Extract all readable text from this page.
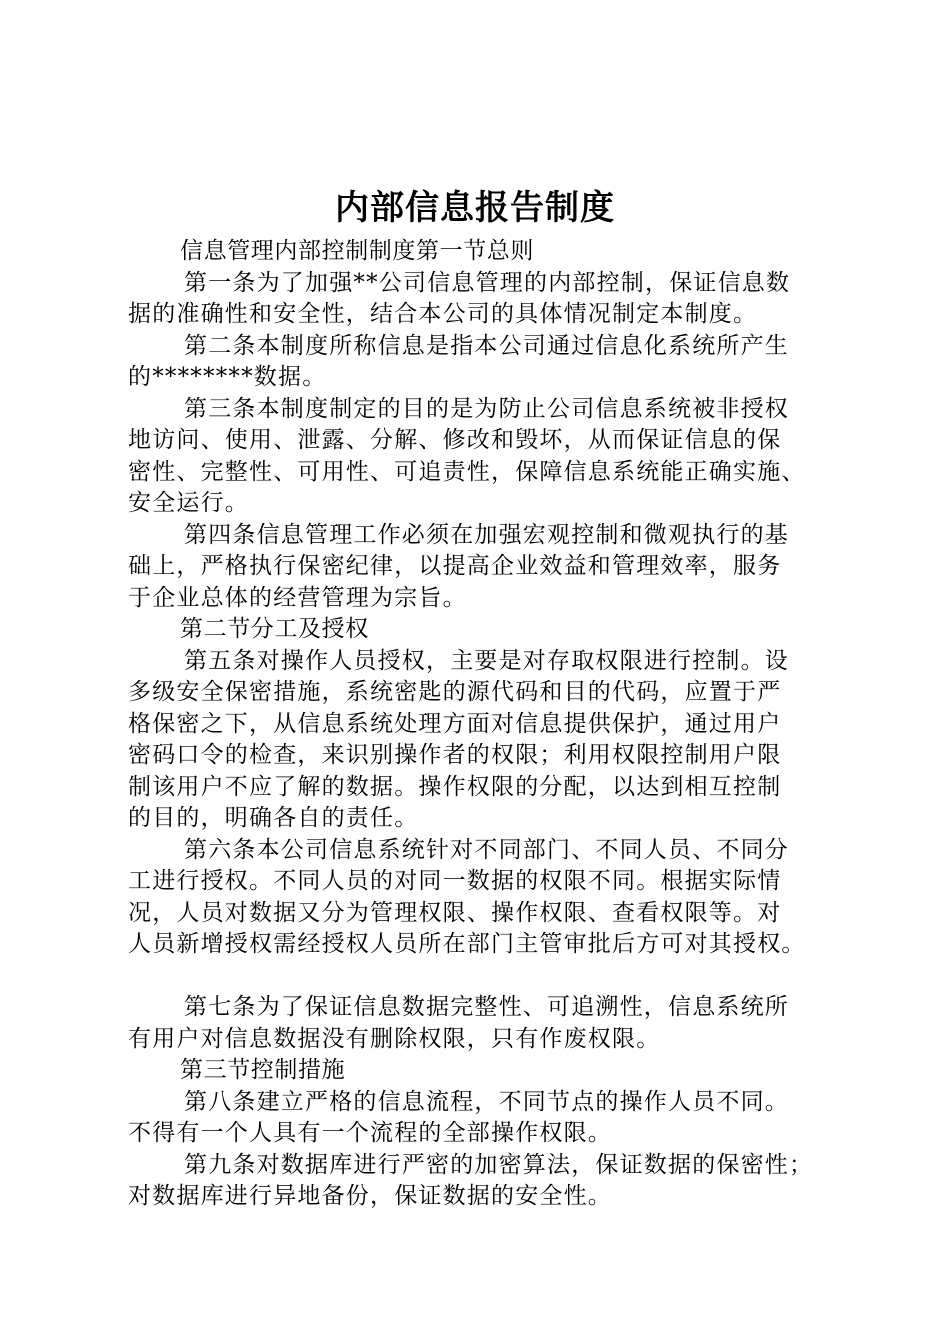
内部信息报告制度
信息管理内部控制制度第一节总则
第一条为了加强**公司信息管理的内部控制，保证信息数
据的准确性和安全性，结合本公司的具体情况制定本制度。
第二条本制度所称信息是指本公司通过信息化系统所产生
的********数据。
第三条本制度制定的目的是为防止公司信息系统被非授权
地访问、使用、泄露、分解、修改和毁坏，从而保证信息的保
密性、完整性、可用性、可追责性，保障信息系统能正确实施、
安全运行。
第四条信息管理工作必须在加强宏观控制和微观执行的基
础上，严格执行保密纪律，以提高企业效益和管理效率，服务
于企业总体的经营管理为宗旨。
第二节分工及授权
第五条对操作人员授权，主要是对存取权限进行控制。设
多级安全保密措施，系统密匙的源代码和目的代码，应置于严
格保密之下，从信息系统处理方面对信息提供保护，通过用户
密码口令的检查，来识别操作者的权限；利用权限控制用户限
制该用户不应了解的数据。操作权限的分配，以达到相互控制
的目的，明确各自的责任。
第六条本公司信息系统针对不同部门、不同人员、不同分
工进行授权。不同人员的对同一数据的权限不同。根据实际情
况，人员对数据又分为管理权限、操作权限、查看权限等。对
人员新增授权需经授权人员所在部门主管审批后方可对其授权。
第七条为了保证信息数据完整性、可追溯性，信息系统所
有用户对信息数据没有删除权限，只有作废权限。
第三节控制措施
第八条建立严格的信息流程，不同节点的操作人员不同。
不得有一个人具有一个流程的全部操作权限。
第九条对数据库进行严密的加密算法，保证数据的保密性；
对数据库进行异地备份，保证数据的安全性。
